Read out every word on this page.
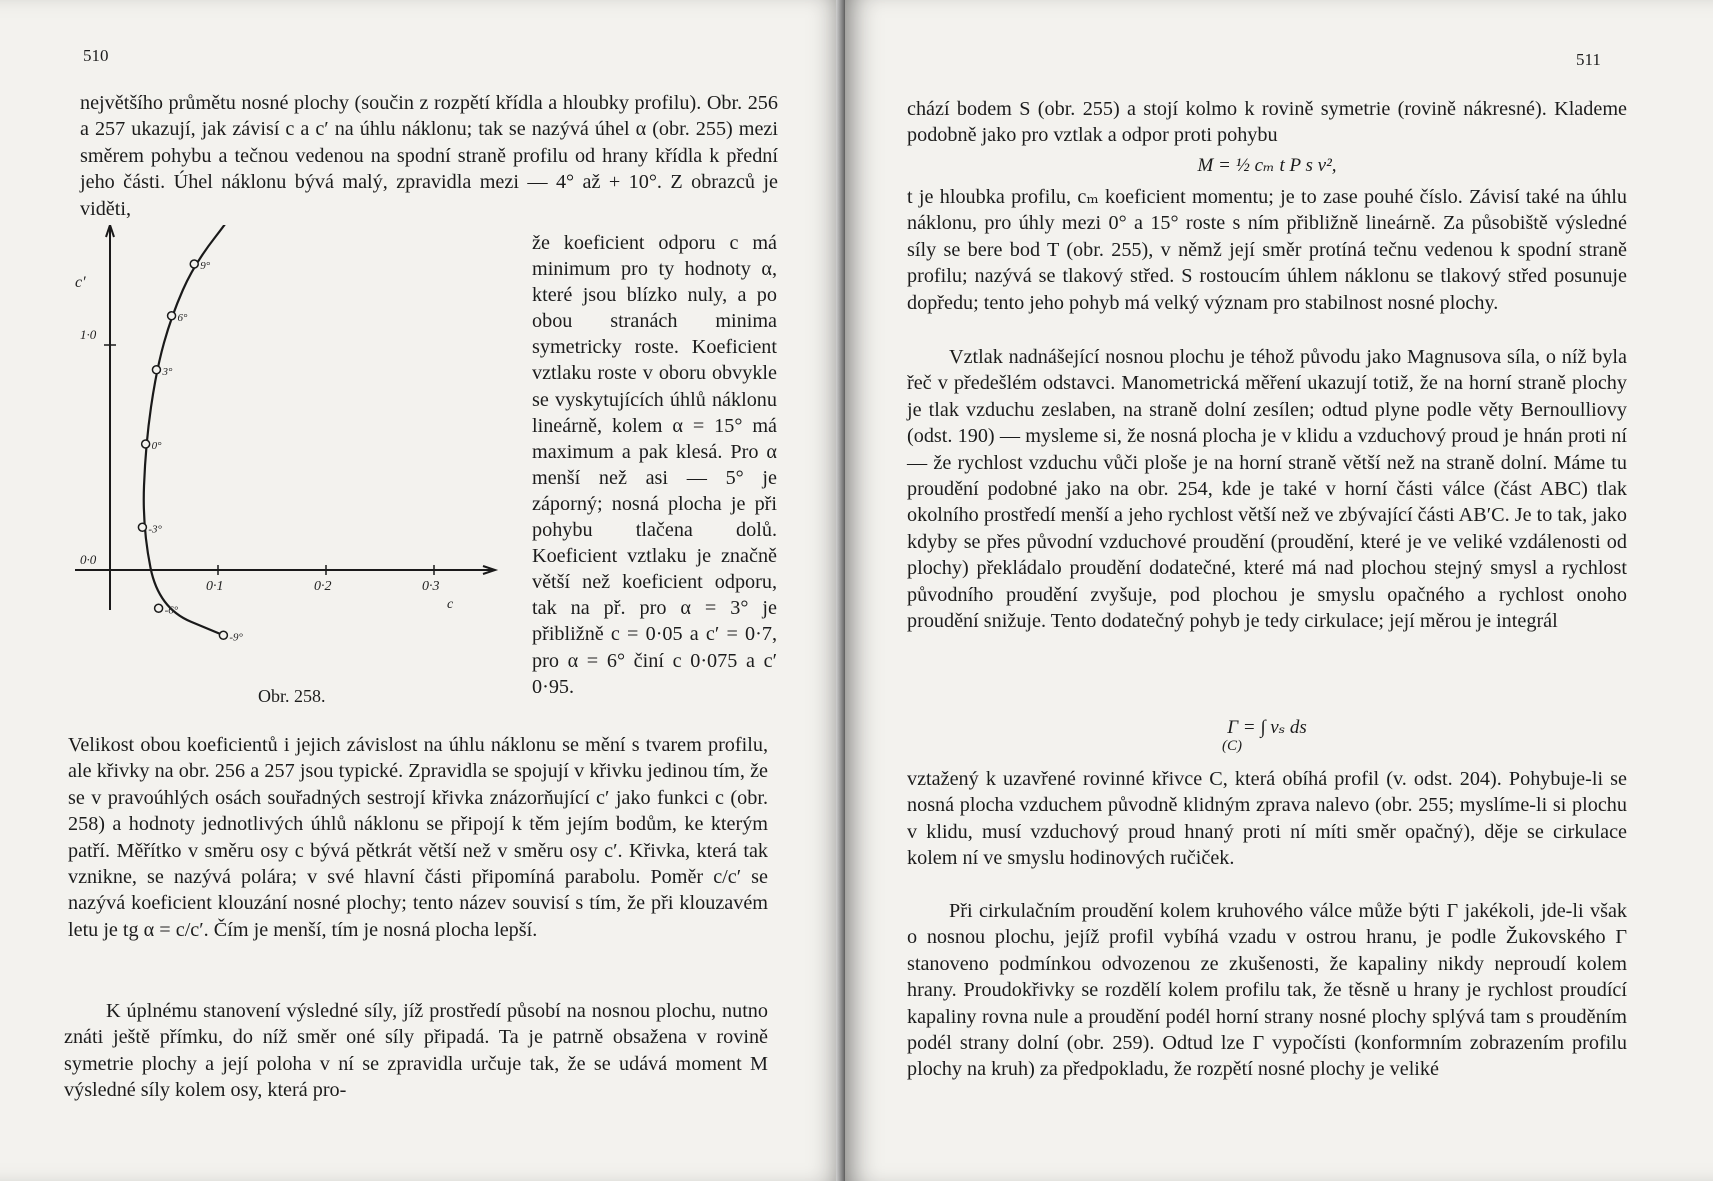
510

největšího průmětu nosné plochy (součin z rozpětí křídla a hloubky profilu). Obr. 256 a 257 ukazují, jak závisí c a c′ na úhlu náklonu; tak se nazývá úhel α (obr. 255) mezi směrem pohybu a tečnou vedenou na spodní straně profilu od hrany křídla k přední jeho části. Úhel náklonu bývá malý, zpravidla mezi — 4° až + 10°. Z obrazců je viděti,

0·1	0·2	0·3
0·0
1·0
c
c′
-9°
-6°
-3°
0°
3°
6°
9°
že koeficient odporu c má minimum pro ty hodnoty α, které jsou blízko nuly, a po obou stranách minima symetricky roste. Koeficient vztlaku roste v oboru obvykle se vyskytujících úhlů náklonu lineárně, kolem α = 15° má maximum a pak klesá. Pro α menší než asi — 5° je záporný; nosná plocha je při pohybu tlačena dolů. Koeficient vztlaku je značně větší než koeficient odporu, tak na př. pro α = 3° je přibližně c = 0·05 a c′ = 0·7, pro α = 6° činí c 0·075 a c′ 0·95.
Obr. 258.

Velikost obou koeficientů i jejich závislost na úhlu náklonu se mění s tvarem profilu, ale křivky na obr. 256 a 257 jsou typické. Zpravidla se spojují v křivku jedinou tím, že se v pravoúhlých osách souřadných sestrojí křivka znázorňující c′ jako funkci c (obr. 258) a hodnoty jednotlivých úhlů náklonu se připojí k těm jejím bodům, ke kterým patří. Měřítko v směru osy c bývá pětkrát větší než v směru osy c′. Křivka, která tak vznikne, se nazývá polára; v své hlavní části připomíná parabolu. Poměr c/c′ se nazývá koeficient klouzání nosné plochy; tento název souvisí s tím, že při klouzavém letu je tg α = c/c′. Čím je menší, tím je nosná plocha lepší.

K úplnému stanovení výsledné síly, jíž prostředí působí na nosnou plochu, nutno znáti ještě přímku, do níž směr oné síly připadá. Ta je patrně obsažena v rovině symetrie plochy a její poloha v ní se zpravidla určuje tak, že se udává moment M výsledné síly kolem osy, která pro-

511

chází bodem S (obr. 255) a stojí kolmo k rovině symetrie (rovině nákresné). Klademe podobně jako pro vztlak a odpor proti pohybu

M = ½ cₘ t P s v²,

t je hloubka profilu, cₘ koeficient momentu; je to zase pouhé číslo. Závisí také na úhlu náklonu, pro úhly mezi 0° a 15° roste s ním přibližně lineárně. Za působiště výsledné síly se bere bod T (obr. 255), v němž její směr protíná tečnu vedenou k spodní straně profilu; nazývá se tlakový střed. S rostoucím úhlem náklonu se tlakový střed posunuje dopředu; tento jeho pohyb má velký význam pro stabilnost nosné plochy.

Vztlak nadnášející nosnou plochu je téhož původu jako Magnusova síla, o níž byla řeč v předešlém odstavci. Manometrická měření ukazují totiž, že na horní straně plochy je tlak vzduchu zeslaben, na straně dolní zesílen; odtud plyne podle věty Bernoulliovy (odst. 190) — mysleme si, že nosná plocha je v klidu a vzduchový proud je hnán proti ní — že rychlost vzduchu vůči ploše je na horní straně větší než na straně dolní. Máme tu proudění podobné jako na obr. 254, kde je také v horní části válce (část ABC) tlak okolního prostředí menší a jeho rychlost větší než ve zbývající části AB′C. Je to tak, jako kdyby se přes původní vzduchové proudění (proudění, které je ve veliké vzdálenosti od plochy) překládalo proudění dodatečné, které má nad plochou stejný smysl a rychlost původního proudění zvyšuje, pod plochou je smyslu opačného a rychlost onoho proudění snižuje. Tento dodatečný pohyb je tedy cirkulace; její měrou je integrál

Γ = ∫ vₛ ds
(C)

vztažený k uzavřené rovinné křivce C, která obíhá profil (v. odst. 204). Pohybuje-li se nosná plocha vzduchem původně klidným zprava nalevo (obr. 255; myslíme-li si plochu v klidu, musí vzduchový proud hnaný proti ní míti směr opačný), děje se cirkulace kolem ní ve smyslu hodinových ručiček.

Při cirkulačním proudění kolem kruhového válce může býti Γ jakékoli, jde-li však o nosnou plochu, jejíž profil vybíhá vzadu v ostrou hranu, je podle Žukovského Γ stanoveno podmínkou odvozenou ze zkušenosti, že kapaliny nikdy neproudí kolem hrany. Proudokřivky se rozdělí kolem profilu tak, že těsně u hrany je rychlost proudící kapaliny rovna nule a proudění podél horní strany nosné plochy splývá tam s prouděním podél strany dolní (obr. 259). Odtud lze Γ vypočísti (konformním zobrazením profilu plochy na kruh) za předpokladu, že rozpětí nosné plochy je veliké
